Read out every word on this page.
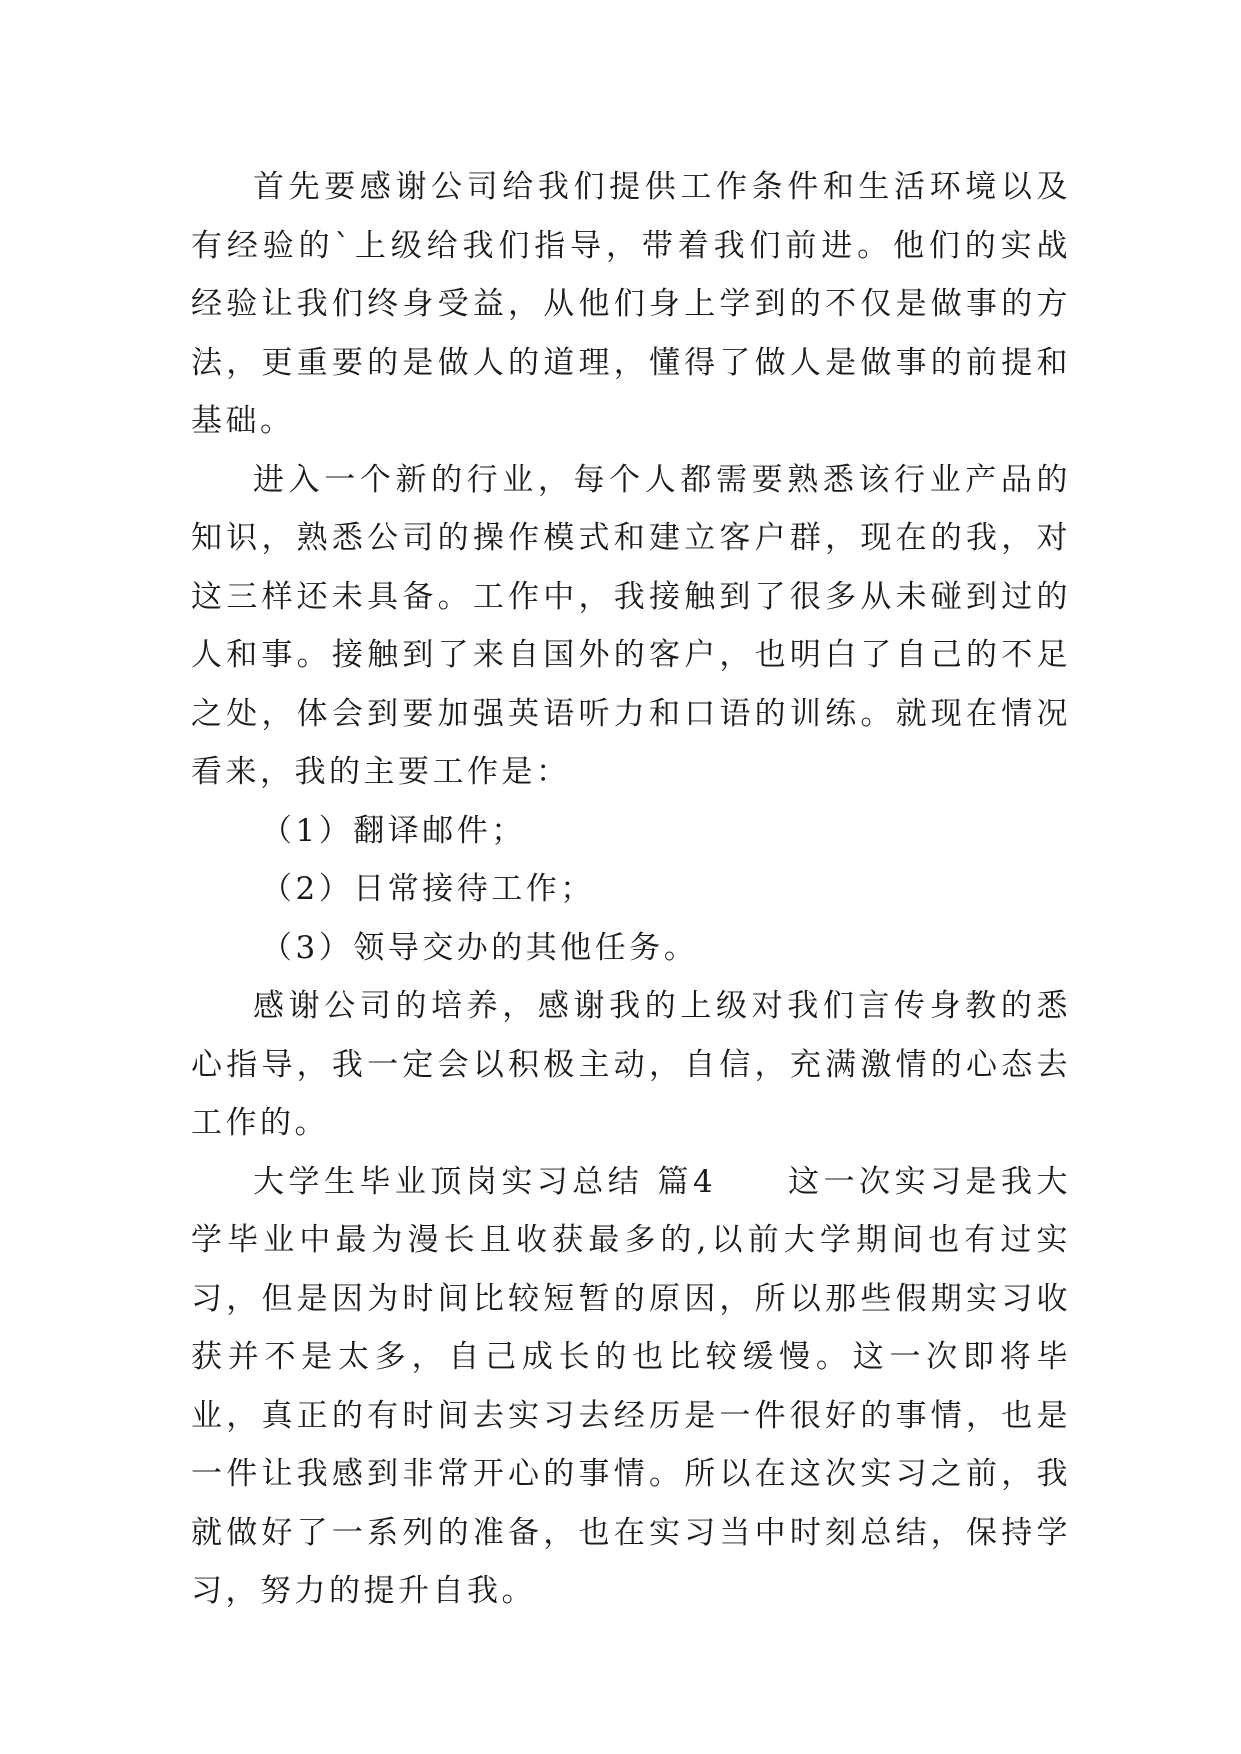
首先要感谢公司给我们提供工作条件和生活环境以及有经验的`上级给我们指导，带着我们前进。他们的实战经验让我们终身受益，从他们身上学到的不仅是做事的方法，更重要的是做人的道理，懂得了做人是做事的前提和基础。

进入一个新的行业，每个人都需要熟悉该行业产品的知识，熟悉公司的操作模式和建立客户群，现在的我，对这三样还未具备。工作中，我接触到了很多从未碰到过的人和事。接触到了来自国外的客户，也明白了自己的不足之处，体会到要加强英语听力和口语的训练。就现在情况看来，我的主要工作是：

（1）翻译邮件；

（2）日常接待工作；

（3）领导交办的其他任务。

感谢公司的培养，感谢我的上级对我们言传身教的悉心指导，我一定会以积极主动，自信，充满激情的心态去工作的。

大学生毕业顶岗实习总结 篇4　　这一次实习是我大学毕业中最为漫长且收获最多的,以前大学期间也有过实习，但是因为时间比较短暂的原因，所以那些假期实习收获并不是太多，自己成长的也比较缓慢。这一次即将毕业，真正的有时间去实习去经历是一件很好的事情，也是一件让我感到非常开心的事情。所以在这次实习之前，我就做好了一系列的准备，也在实习当中时刻总结，保持学习，努力的提升自我。
